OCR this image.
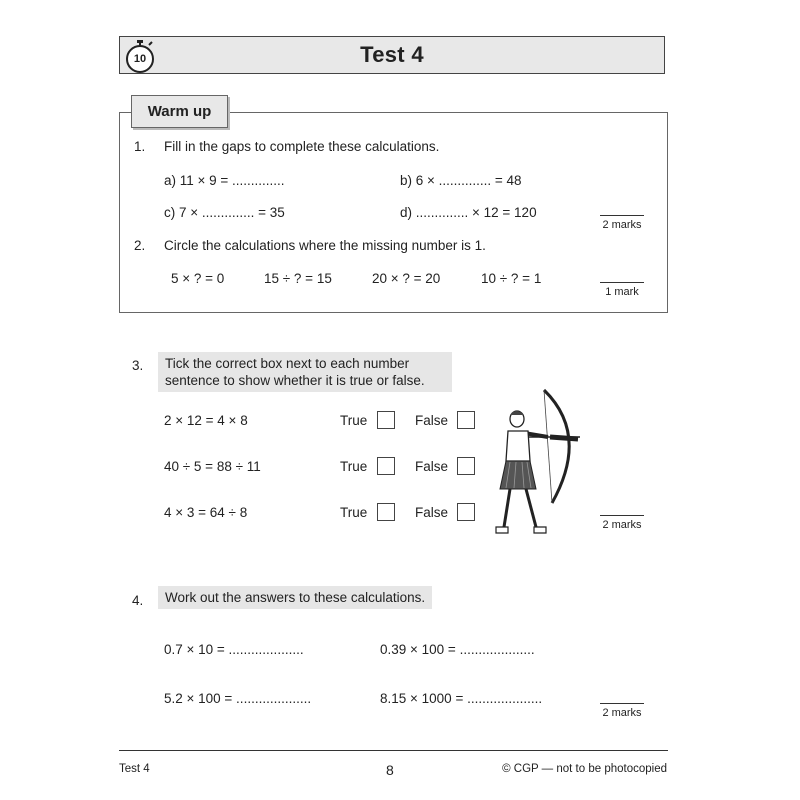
10	Test 4
Warm up
1. Fill in the gaps to complete these calculations.
a) 11 × 9 = ..............	b) 6 × .............. = 48
c) 7 × .............. = 35	d) .............. × 12 = 120
2 marks
2. Circle the calculations where the missing number is 1.
5 × ? = 0	15 ÷ ? = 15	20 × ? = 20	10 ÷ ? = 1
1 mark
3. Tick the correct box next to each number
sentence to show whether it is true or false.
2 × 12 = 4 × 8	True	False
40 ÷ 5 = 88 ÷ 11	True	False
4 × 3 = 64 ÷ 8	True	False
2 marks
4.	Work out the answers to these calculations.
0.7 × 10 = ....................	0.39 × 100 = ....................
5.2 × 100 = ....................	8.15 × 1000 = ....................
2 marks
Test 4	8	© CGP — not to be photocopied
